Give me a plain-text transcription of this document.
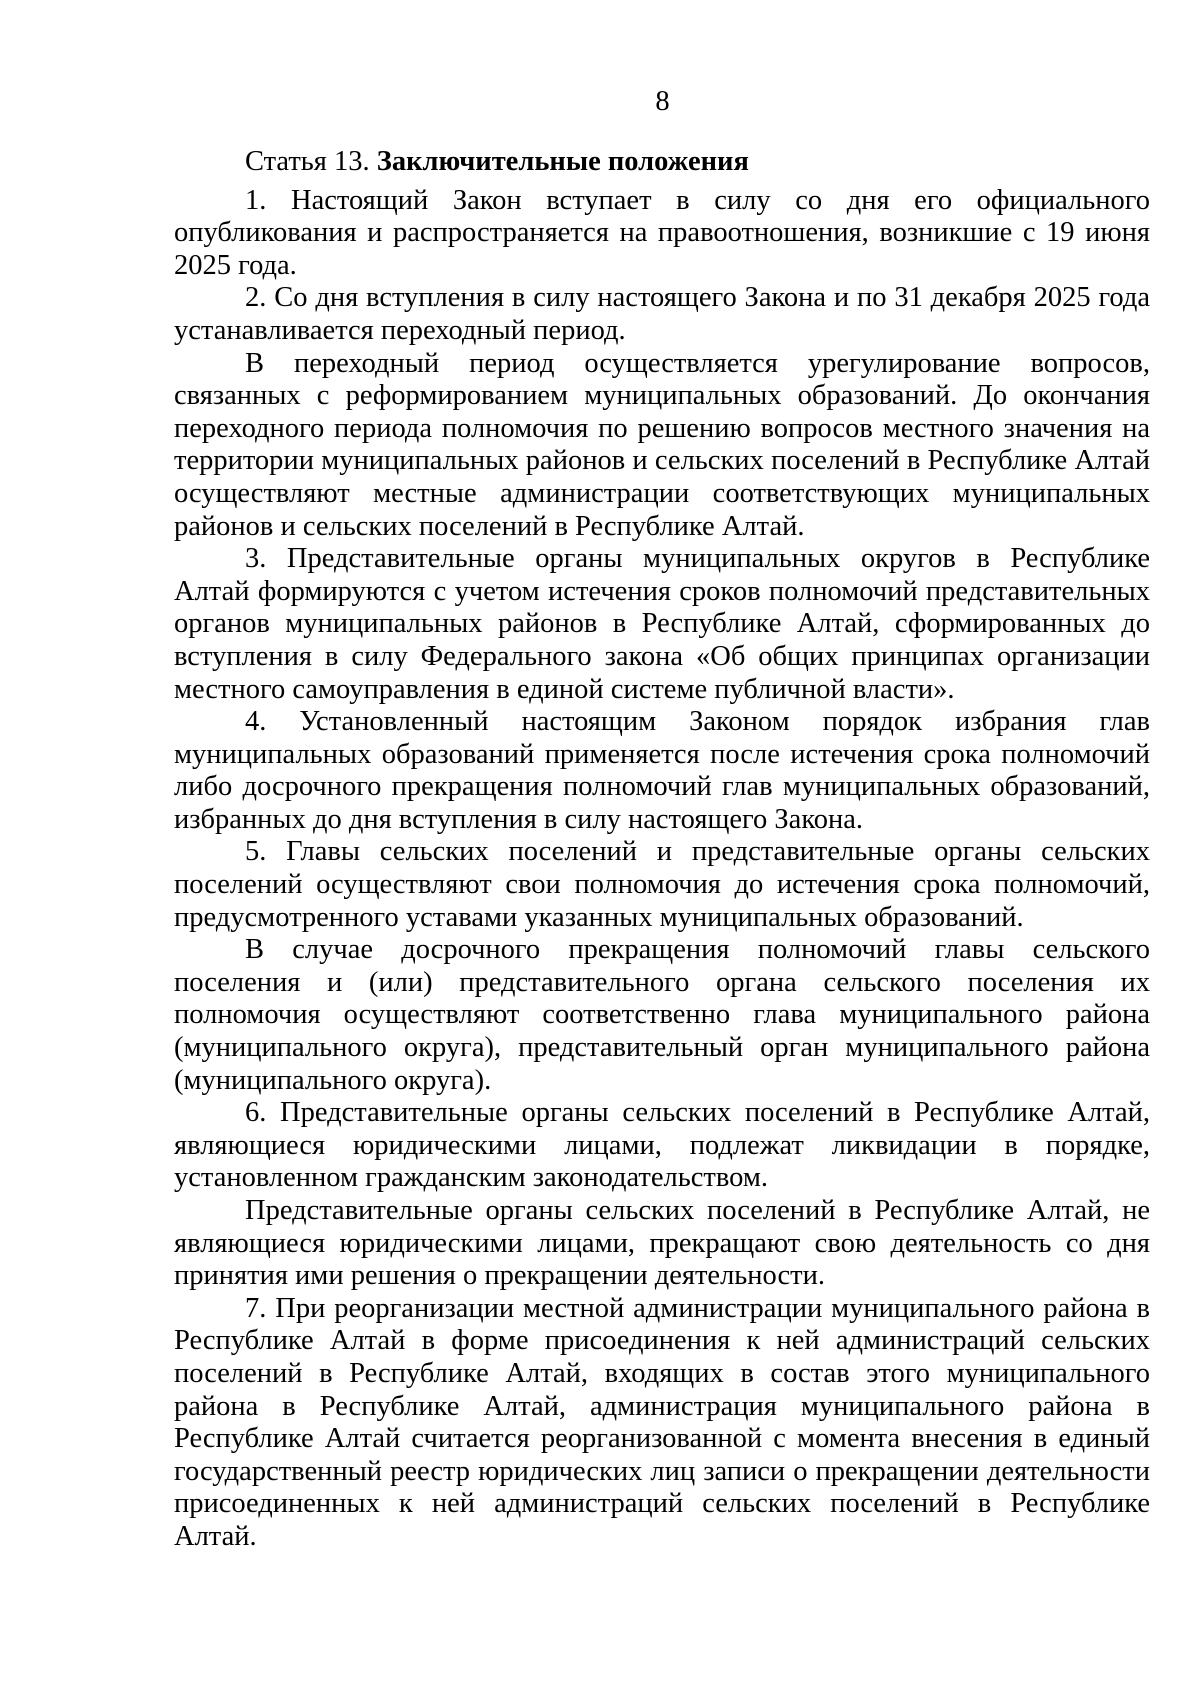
8

Статья 13. Заключительные положения

1. Настоящий Закон вступает в силу со дня его официального опубликования и распространяется на правоотношения, возникшие с 19 июня 2025 года.

2. Со дня вступления в силу настоящего Закона и по 31 декабря 2025 года устанавливается переходный период.

В переходный период осуществляется урегулирование вопросов, связанных с реформированием муниципальных образований. До окончания переходного периода полномочия по решению вопросов местного значения на территории муниципальных районов и сельских поселений в Республике Алтай осуществляют местные администрации соответствующих муниципальных районов и сельских поселений в Республике Алтай.

3. Представительные органы муниципальных округов в Республике Алтай формируются с учетом истечения сроков полномочий представительных органов муниципальных районов в Республике Алтай, сформированных до вступления в силу Федерального закона «Об общих принципах организации местного самоуправления в единой системе публичной власти».

4. Установленный настоящим Законом порядок избрания глав муниципальных образований применяется после истечения срока полномочий либо досрочного прекращения полномочий глав муниципальных образований, избранных до дня вступления в силу настоящего Закона.

5. Главы сельских поселений и представительные органы сельских поселений осуществляют свои полномочия до истечения срока полномочий, предусмотренного уставами указанных муниципальных образований.

В случае досрочного прекращения полномочий главы сельского поселения и (или) представительного органа сельского поселения их полномочия осуществляют соответственно глава муниципального района (муниципального округа), представительный орган муниципального района (муниципального округа).

6. Представительные органы сельских поселений в Республике Алтай, являющиеся юридическими лицами, подлежат ликвидации в порядке, установленном гражданским законодательством.

Представительные органы сельских поселений в Республике Алтай, не являющиеся юридическими лицами, прекращают свою деятельность со дня принятия ими решения о прекращении деятельности.

7. При реорганизации местной администрации муниципального района в Республике Алтай в форме присоединения к ней администраций сельских поселений в Республике Алтай, входящих в состав этого муниципального района в Республике Алтай, администрация муниципального района в Республике Алтай считается реорганизованной с момента внесения в единый государственный реестр юридических лиц записи о прекращении деятельности присоединенных к ней администраций сельских поселений в Республике Алтай.
